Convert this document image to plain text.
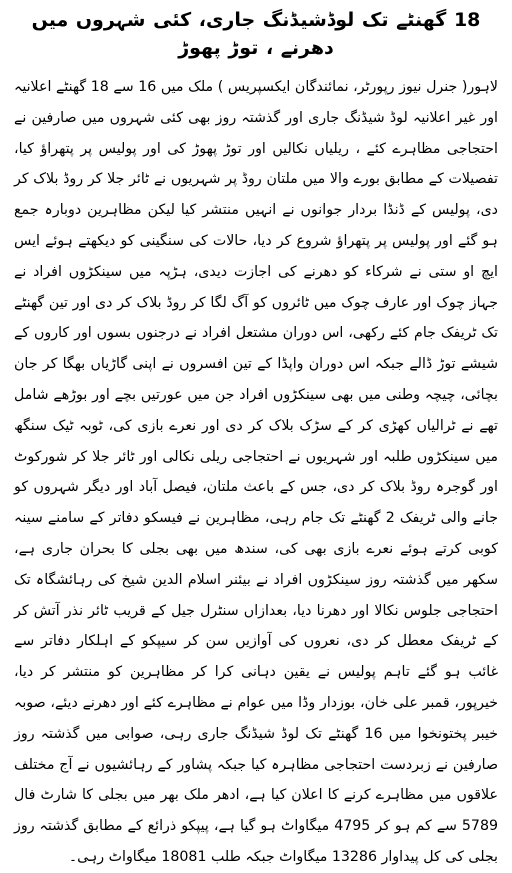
18 گھنٹے تک لوڈشیڈنگ جاری، کئی شہروں میں دھرنے ، توڑ پھوڑ

لاہور( جنرل نیوز رپورٹر، نمائندگان ایکسپریس ) ملک میں 16 سے 18 گھنٹے اعلانیہ اور غیر اعلانیہ لوڈ شیڈنگ جاری اور گذشتہ روز بھی کئی شہروں میں صارفین نے احتجاجی مظاہرے کئے ، ریلیاں نکالیں اور توڑ پھوڑ کی اور پولیس پر پتھراؤ کیا، تفصیلات کے مطابق بورے والا میں ملتان روڈ پر شہریوں نے ٹائر جلا کر روڈ بلاک کر دی، پولیس کے ڈنڈا بردار جوانوں نے انہیں منتشر کیا لیکن مظاہرین دوبارہ جمع ہو گئے اور پولیس پر پتھراؤ شروع کر دیا، حالات کی سنگینی کو دیکھتے ہوئے ایس ایچ او ستی نے شرکاء کو دھرنے کی اجازت دیدی، ہڑپہ میں سینکڑوں افراد نے جہاز چوک اور عارف چوک میں ٹائروں کو آگ لگا کر روڈ بلاک کر دی اور تین گھنٹے تک ٹریفک جام کئے رکھی، اس دوران مشتعل افراد نے درجنوں بسوں اور کاروں کے شیشے توڑ ڈالے جبکہ اس دوران واپڈا کے تین افسروں نے اپنی گاڑیاں بھگا کر جان بچائی، چیچہ وطنی میں بھی سینکڑوں افراد جن میں عورتیں بچے اور بوڑھے شامل تھے نے ٹرالیاں کھڑی کر کے سڑک بلاک کر دی اور نعرے بازی کی، ٹوبہ ٹیک سنگھ میں سینکڑوں طلبہ اور شہریوں نے احتجاجی ریلی نکالی اور ٹائر جلا کر شورکوٹ اور گوجرہ روڈ بلاک کر دی، جس کے باعث ملتان، فیصل آباد اور دیگر شہروں کو جانے والی ٹریفک 2 گھنٹے تک جام رہی، مظاہرین نے فیسکو دفاتر کے سامنے سینہ کوبی کرتے ہوئے نعرے بازی بھی کی، سندھ میں بھی بجلی کا بحران جاری ہے، سکھر میں گذشتہ روز سینکڑوں افراد نے بیئنر اسلام الدین شیخ کی رہائشگاہ تک احتجاجی جلوس نکالا اور دھرنا دیا، بعدازاں سنٹرل جیل کے قریب ٹائر نذر آتش کر کے ٹریفک معطل کر دی، نعروں کی آوازیں سن کر سیپکو کے اہلکار دفاتر سے غائب ہو گئے تاہم پولیس نے یقین دہانی کرا کر مظاہرین کو منتشر کر دیا، خیرپور، قمبر علی خان، بوزدار وڈا میں عوام نے مظاہرے کئے اور دھرنے دیئے، صوبہ خیبر پختونخوا میں 16 گھنٹے تک لوڈ شیڈنگ جاری رہی، صوابی میں گذشتہ روز صارفین نے زبردست احتجاجی مظاہرہ کیا جبکہ پشاور کے رہائشیوں نے آج مختلف علاقوں میں مظاہرے کرنے کا اعلان کیا ہے، ادھر ملک بھر میں بجلی کا شارٹ فال 5789 سے کم ہو کر 4795 میگاواٹ ہو گیا ہے، پیپکو ذرائع کے مطابق گذشتہ روز بجلی کی کل پیداوار 13286 میگاواٹ جبکہ طلب 18081 میگاواٹ رہی۔
